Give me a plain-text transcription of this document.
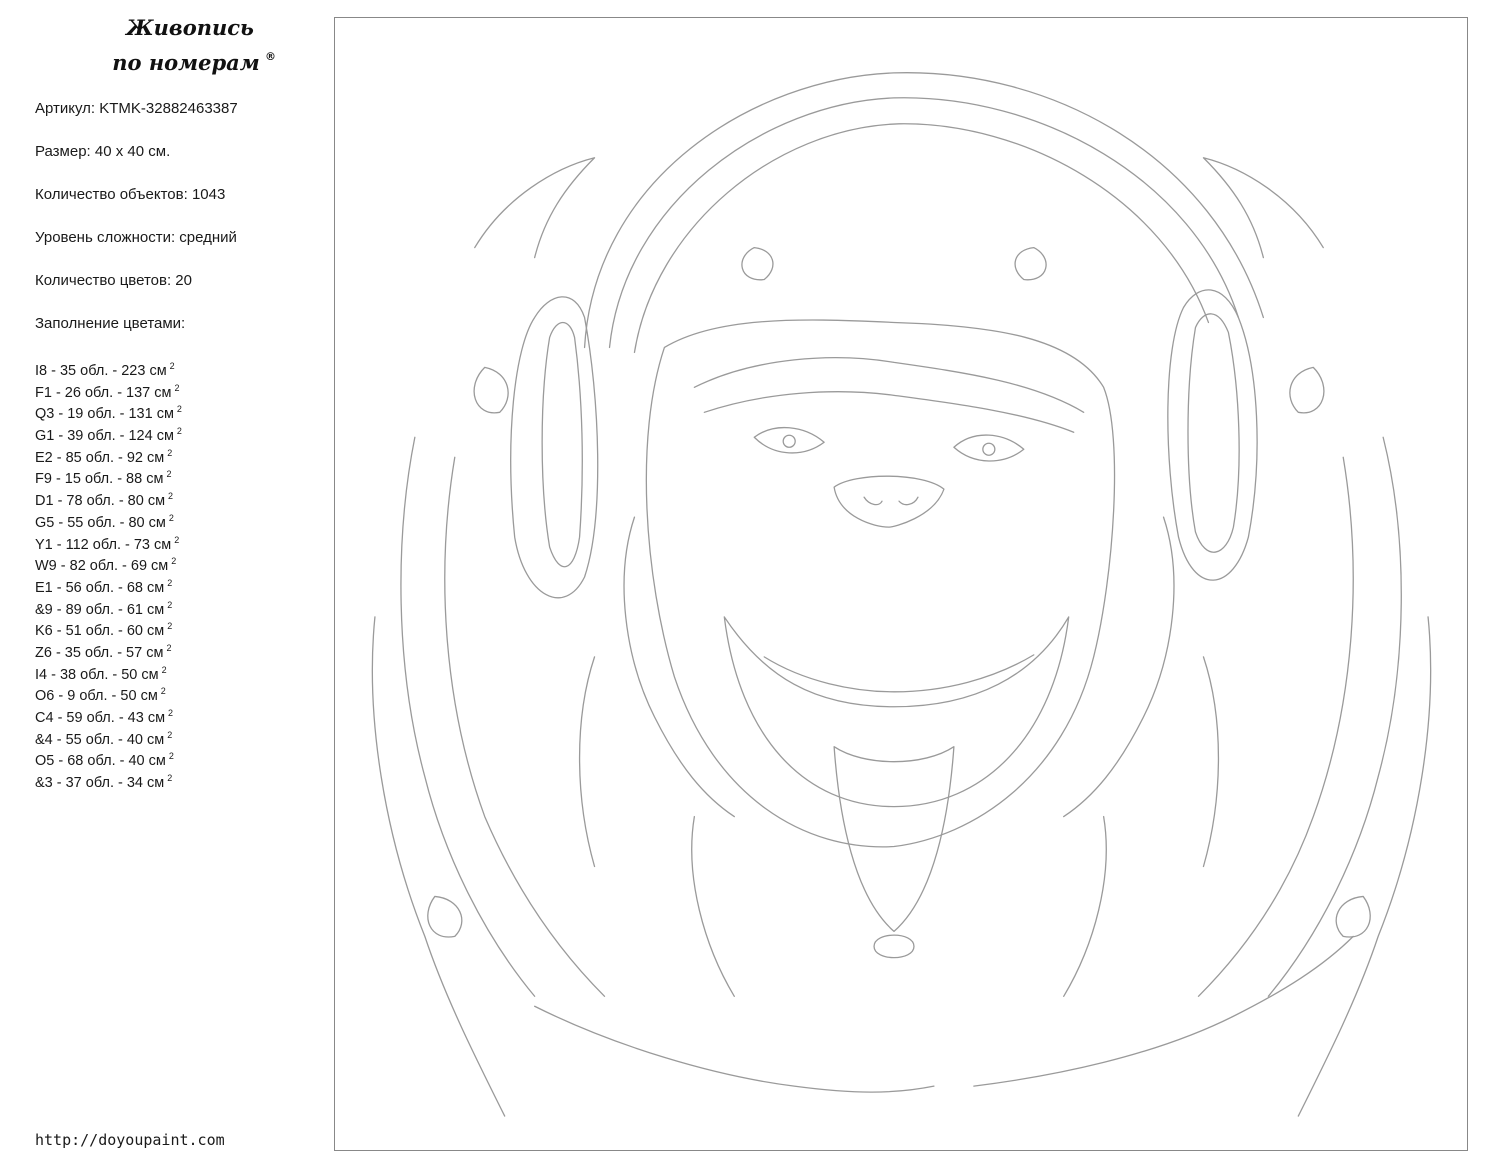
Живопись
по номерам ®

Артикул: KTMK-32882463387

Размер: 40 x 40 см.

Количество объектов: 1043

Уровень сложности: средний

Количество цветов: 20

Заполнение цветами:

I8 - 35 обл. - 223 см $^2$
F1 - 26 обл. - 137 см $^2$
Q3 - 19 обл. - 131 см $^2$
G1 - 39 обл. - 124 см $^2$
E2 - 85 обл. - 92 см $^2$
F9 - 15 обл. - 88 см $^2$
D1 - 78 обл. - 80 см $^2$
G5 - 55 обл. - 80 см $^2$
Y1 - 112 обл. - 73 см $^2$
W9 - 82 обл. - 69 см $^2$
E1 - 56 обл. - 68 см $^2$
&9 - 89 обл. - 61 см $^2$
K6 - 51 обл. - 60 см $^2$
Z6 - 35 обл. - 57 см $^2$
I4 - 38 обл. - 50 см $^2$
O6 - 9 обл. - 50 см $^2$
C4 - 59 обл. - 43 см $^2$
&4 - 55 обл. - 40 см $^2$
O5 - 68 обл. - 40 см $^2$
&3 - 37 обл. - 34 см $^2$
http://doyoupaint.com
